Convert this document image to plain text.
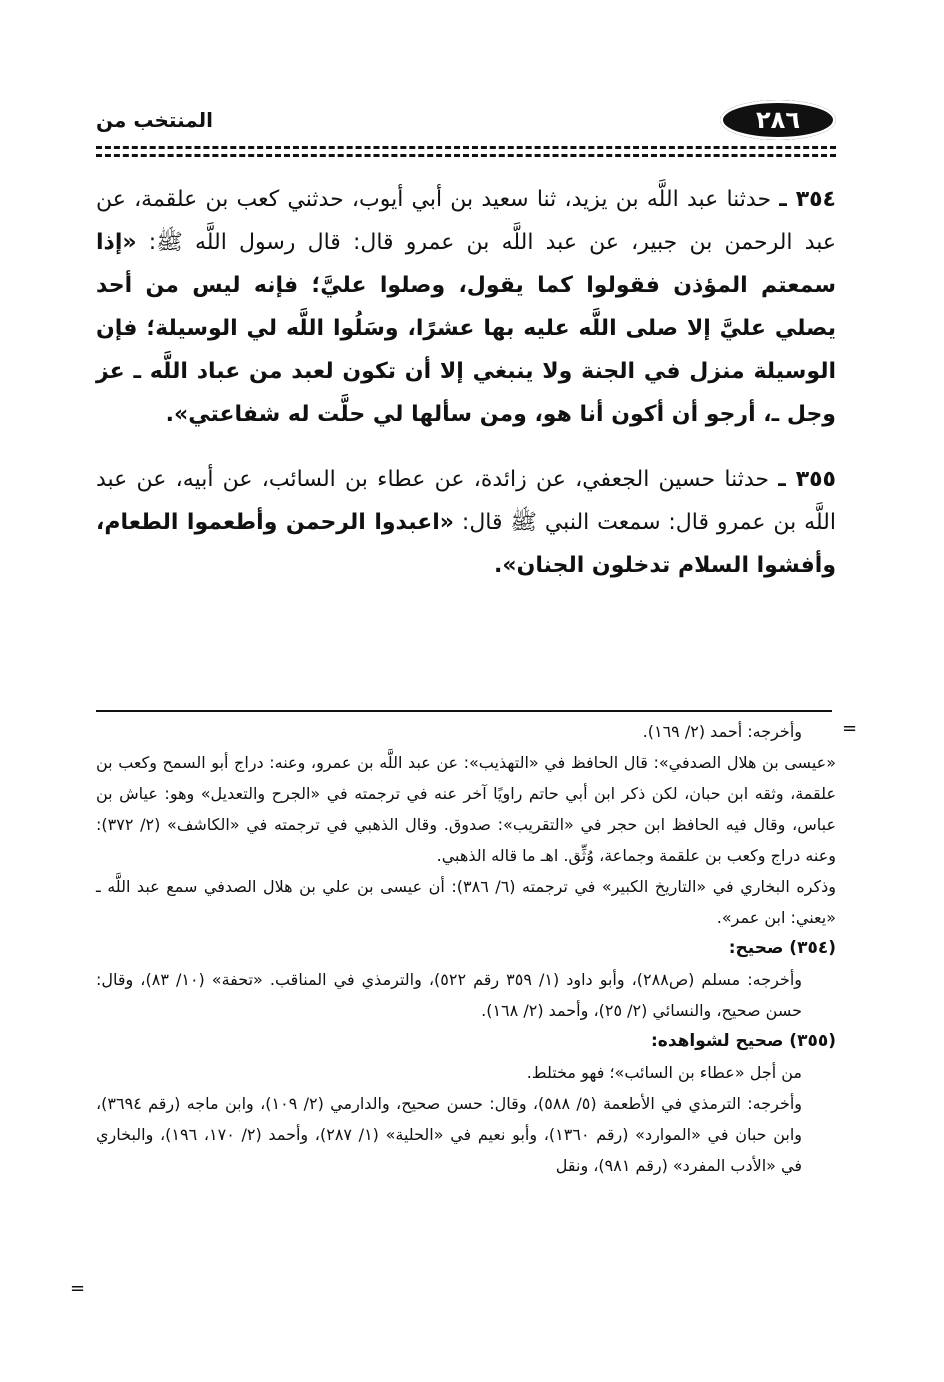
٢٨٦
المنتخب من

٣٥٤ ـ حدثنا عبد اللَّه بن يزيد، ثنا سعيد بن أبي أيوب، حدثني كعب بن علقمة، عن عبد الرحمن بن جبير، عن عبد اللَّه بن عمرو قال: قال رسول اللَّه ﷺ: «إذا سمعتم المؤذن فقولوا كما يقول، وصلوا عليَّ؛ فإنه ليس من أحد يصلي عليَّ إلا صلى اللَّه عليه بها عشرًا، وسَلُوا اللَّه لي الوسيلة؛ فإن الوسيلة منزل في الجنة ولا ينبغي إلا أن تكون لعبد من عباد اللَّه ـ عز وجل ـ، أرجو أن أكون أنا هو، ومن سألها لي حلَّت له شفاعتي».

٣٥٥ ـ حدثنا حسين الجعفي، عن زائدة، عن عطاء بن السائب، عن أبيه، عن عبد اللَّه بن عمرو قال: سمعت النبي ﷺ قال: «اعبدوا الرحمن وأطعموا الطعام، وأفشوا السلام تدخلون الجنان».

=

وأخرجه: أحمد (٢/ ١٦٩).

«عيسى بن هلال الصدفي»: قال الحافظ في «التهذيب»: عن عبد اللَّه بن عمرو، وعنه: دراج أبو السمح وكعب بن علقمة، وثقه ابن حبان، لكن ذكر ابن أبي حاتم راويًا آخر عنه في ترجمته في «الجرح والتعديل» وهو: عياش بن عباس، وقال فيه الحافظ ابن حجر في «التقريب»: صدوق. وقال الذهبي في ترجمته في «الكاشف» (٢/ ٣٧٢): وعنه دراج وكعب بن علقمة وجماعة، وُثِّق. اهـ ما قاله الذهبي.

وذكره البخاري في «التاريخ الكبير» في ترجمته (٦/ ٣٨٦): أن عيسى بن علي بن هلال الصدفي سمع عبد اللَّه ـ «يعني: ابن عمر».

(٣٥٤) صحيح:

وأخرجه: مسلم (ص٢٨٨)، وأبو داود (١/ ٣٥٩ رقم ٥٢٢)، والترمذي في المناقب. «تحفة» (١٠/ ٨٣)، وقال: حسن صحيح، والنسائي (٢/ ٢٥)، وأحمد (٢/ ١٦٨).

(٣٥٥) صحيح لشواهده:

من أجل «عطاء بن السائب»؛ فهو مختلط.

وأخرجه: الترمذي في الأطعمة (٥/ ٥٨٨)، وقال: حسن صحيح، والدارمي (٢/ ١٠٩)، وابن ماجه (رقم ٣٦٩٤)، وابن حبان في «الموارد» (رقم ١٣٦٠)، وأبو نعيم في «الحلية» (١/ ٢٨٧)، وأحمد (٢/ ١٧٠، ١٩٦)، والبخاري في «الأدب المفرد» (رقم ٩٨١)، ونقل

=
